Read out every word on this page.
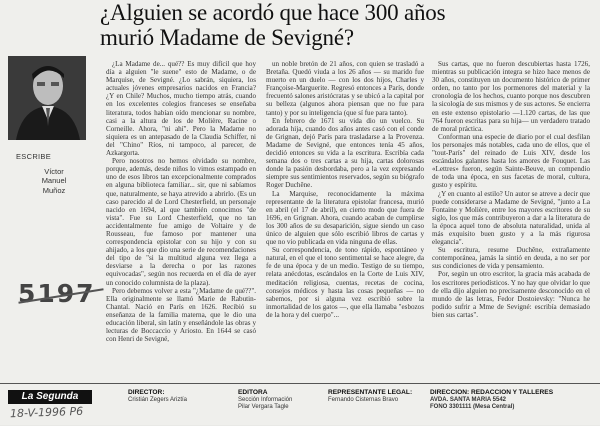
¿Alguien se acordó que hace 300 años
murió Madame de Sevigné?
ESCRIBE
Víctor
Manuel
Muñoz

¿La Madame de... qué?? Es muy difícil que hoy día a alguien "le suene" esto de Madame, o de Marquise, de Sevigné. ¿Lo sabrán, siquiera, los actuales jóvenes empresarios nacidos en Francia? ¿Y en Chile? Muchos, mucho tiempo atrás, cuando en los excelentes colegios franceses se enseñaba literatura, todos habían oído mencionar su nombre, casi a la altura de los de Molière, Racine o Corneille. Ahora, "ni ahí". Pero la Madame no siquiera es un antepasado de la Claudia Schiffer, ni del "Chino" Ríos, ni tampoco, al parecer, de Azkargorta.

Pero nosotros no hemos olvidado su nombre, porque, además, desde niños lo vimos estampado en uno de esos libros tan excepcionalmente comprados en alguna biblioteca familiar... sir, que ni sabíamos que, naturalmente, se haya atrevido a abrirlo. (Es un caso parecido al de Lord Chesterfield, un personaje nacido en 1694, al que también conocimos "de vista". Fue su Lord Chesterfield, que no tan accidentalmente fue amigo de Voltaire y de Rousseau, fue famoso por mantener una correspondencia epistolar con su hijo y con su ahijado, a los que dio una serie de recomendaciones del tipo de "si la multitud alguna vez llega a desviarse a la derecha o por las razones equivocadas", según nos recuerda en el día de ayer un conocido columnista de la plaza).

Pero debemos volver a esta "¿Madame de qué??". Ella originalmente se llamó Marie de Rabutin-Chantal. Nació en París en 1626. Recibió su enseñanza de la familia materna, que le dio una educación liberal, sin latín y enseñándole las obras y lecturas de Boccaccio y Ariosto. En 1644 se casó con Henri de Sevigné,

un noble bretón de 21 años, con quien se trasladó a Bretaña. Quedó viuda a los 26 años — su marido fue muerto en un duelo — con los dos hijos, Charles y Françoise-Marguerite. Regresó entonces a París, donde frecuentó salones aristócratas y se ubicó a la capital por su belleza (algunos ahora piensan que no fue para tanto) y por su inteligencia (que sí fue para tanto).

En febrero de 1671 su vida dio un vuelco. Su adorada hija, cuando dos años antes casó con el conde de Grignan, dejó París para trasladarse a la Provenza. Madame de Sevigné, que entonces tenía 45 años, decidió entonces su vida a la escritura. Escribía cada semana dos o tres cartas a su hija, cartas dolorosas donde la pasión desbordaba, pero a la vez expresando siempre sus sentimientos reservados, según su biógrafo Roger Duchêne.

La Marquise, reconocidamente la máxima representante de la literatura epistolar francesa, murió en abril (el 17 de abril), en cierto modo que fuera de 1696, en Grignan. Ahora, cuando acaban de cumplirse los 300 años de su desaparición, sigue siendo un caso único de alguien que sólo escribió libros de cartas y que no vio publicada en vida ninguna de ellas.

Su correspondencia, de tono rápido, espontáneo y natural, en el que el tono sentimental se hace alegre, da fe de una época y de un medio. Testigo de su tiempo, relata anécdotas, escándalos en la Corte de Luis XIV, meditación religiosa, cuentas, recetas de cocina, consejos médicos y hasta las cosas pequeñas — no sabemos, por si alguna vez escribió sobre la inmortalidad de los gatos —, que ella llamaba "esbozos de la hora y del cuerpo"...

Sus cartas, que no fueron descubiertas hasta 1726, mientras su publicación integra se hizo hace menos de 30 años, constituyen un documento histórico de primer orden, no tanto por los pormenores del material y la cronología de los hechos, cuanto porque nos descubren la sicología de sus mismos y de sus actores. Se encierra en este extenso epistolario —1.120 cartas, de las que 764 fueron escritas para su hija— un verdadero tratado de moral práctica.

Conforman una especie de diario por el cual desfilan los personajes más notables, cada uno de ellos, que el "tout-París" del reinado de Luis XIV, desde los escándalos galantes hasta los amores de Fouquet. Las «Lettres» fueron, según Sainte-Beuve, un compendio de toda una época, en sus facetas de moral, cultura, gusto y espíritu.

¿Y en cuanto al estilo? Un autor se atreve a decir que puede considerarse a Madame de Sevigné, "junto a La Fontaine y Molière, entre los mayores escritores de su siglo, los que más contribuyeron a dar a la literatura de la época aquel tono de absoluta naturalidad, unida al más exquisito buen gusto y a la más rigurosa elegancia".

Su escritura, resume Duchêne, extrañamente contemporánea, jamás la sintió en deuda, a no ser por sus condiciones de vida y pensamiento.

Por, según un otro escritor, la gracia más acabada de los escritores periodísticos. Y no hay que olvidar lo que de ella dijo alguien no precisamente desconocido en el mundo de las letras, Fedor Dostoievsky: "Nunca he podido sufrir a Mme de Sevigné: escribía demasiado bien sus cartas".

5197
La Segunda
18-V-1996 P6
DIRECTOR:
Cristián Zegers Ariztía
EDITORA
Sección Información
Pilar Vergara Tagle
REPRESENTANTE LEGAL:
Fernando Cisternas Bravo
DIRECCION: REDACCION Y TALLERES
AVDA. SANTA MARIA 5542
FONO 3301111 (Mesa Central)
